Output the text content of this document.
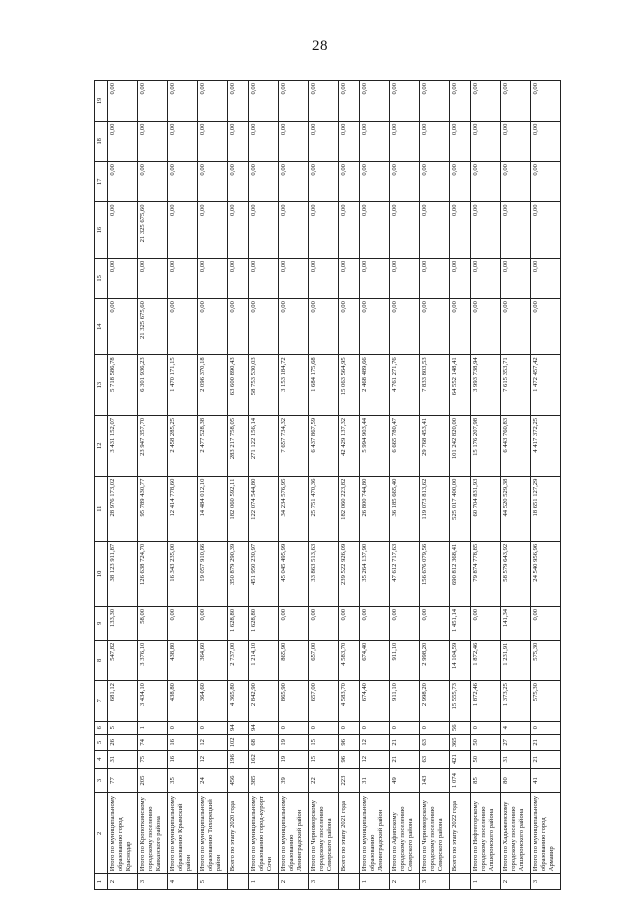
28
1	2	3	4	5	6	7	8	9	10	11	12	13	14	15	16	17	18	19
2	Итого по муниципальному образованию город Краснодар	77	31	26	5	681,12	547,82	133,30	38 123 911,87	28 976 173,02	3 431 152,07	5 718 586,78	0,00	0,00	0,00	0,00	0,00	0,00
3	Итого по Кропоткинскому городскому поселению Кавказского района	205	75	74	1	3 434,10	3 376,10	58,00	126 638 724,70	95 789 430,77	23 947 357,70	6 301 936,23	21 325 675,60	0,00	21 325 675,60	0,00	0,00	0,00
4	Итого по муниципальному образованию Крымский район	35	16	16	0	438,80	438,80	0,00	16 343 235,00	12 414 778,60	2 458 285,25	1 470 171,15	0,00	0,00	0,00	0,00	0,00	0,00
5	Итого по муниципальному образованию Тихорецкий район	24	12	12	0	364,60	364,60	0,00	19 057 910,66	14 484 012,10	2 477 528,38	2 096 370,18	0,00	0,00	0,00	0,00	0,00	0,00
	Всего по этапу 2020 года	456	196	102	94	4 365,80	2 737,00	1 628,80	350 879 290,39	182 060 592,11	283 217 758,05	63 600 890,43	0,00	0,00	0,00	0,00	0,00	0,00
1	Итого по муниципальному образованию город-курорт Сочи	385	162	68	94	2 842,90	1 214,10	1 628,80	451 950 230,97	122 074 544,80	271 122 156,14	58 753 530,03	0,00	0,00	0,00	0,00	0,00	0,00
2	Итого по муниципальному образованию Ленинградский район	39	19	19	0	865,90	865,90	0,00	45 045 495,99	34 234 576,95	7 657 734,32	3 153 184,72	0,00	0,00	0,00	0,00	0,00	0,00
3	Итого по Черноморскому городскому поселению Северского района	22	15	15	0	657,00	657,00	0,00	33 863 513,63	25 751 470,36	6 437 867,59	1 684 175,68	0,00	0,00	0,00	0,00	0,00	0,00
	Всего по этапу 2021 года	223	96	96	0	4 583,70	4 583,70	0,00	239 522 926,09	182 060 223,82	42 429 137,32	15 063 564,95	0,00	0,00	0,00	0,00	0,00	0,00
1	Итого по муниципальному образованию Ленинградский район	31	12	12	0	674,40	674,40	0,00	35 264 137,90	26 800 744,80	5 994 903,44	2 468 489,66	0,00	0,00	0,00	0,00	0,00	0,00
2	Итого по Афипскому городскому поселению Северского района	49	21	21	0	911,10	911,10	0,00	47 612 717,63	36 185 665,40	6 665 780,47	4 761 271,76	0,00	0,00	0,00	0,00	0,00	0,00
3	Итого по Черноморскому городскому поселению Северского района	143	63	63	0	2 998,20	2 998,20	0,00	156 676 079,56	119 073 813,62	29 768 453,41	7 833 803,53	0,00	0,00	0,00	0,00	0,00	0,00
	Всего по этапу 2022 года	1 074	421	365	56	15 555,73	14 104,59	1 451,14	690 812 368,41	525 017 400,00	101 242 820,00	64 552 148,41	0,00	0,00	0,00	0,00	0,00	0,00
1	Итого по Нефтегорскому городскому поселению Апшеронского района	85	50	50	0	1 872,46	1 872,46	0,00	79 874 778,85	60 704 831,93	15 176 207,98	3 993 738,94	0,00	0,00	0,00	0,00	0,00	0,00
2	Итого по Хадыженскому городскому поселению Апшеронского района	80	31	27	4	1 373,25	1 231,91	141,34	58 579 643,92	44 520 529,38	6 443 760,83	7 615 353,71	0,00	0,00	0,00	0,00	0,00	0,00
3	Итого по муниципальному образованию город Армавир	41	21	21	0	575,30	575,30	0,00	24 540 956,96	18 651 127,29	4 417 372,25	1 472 457,42	0,00	0,00	0,00	0,00	0,00	0,00
